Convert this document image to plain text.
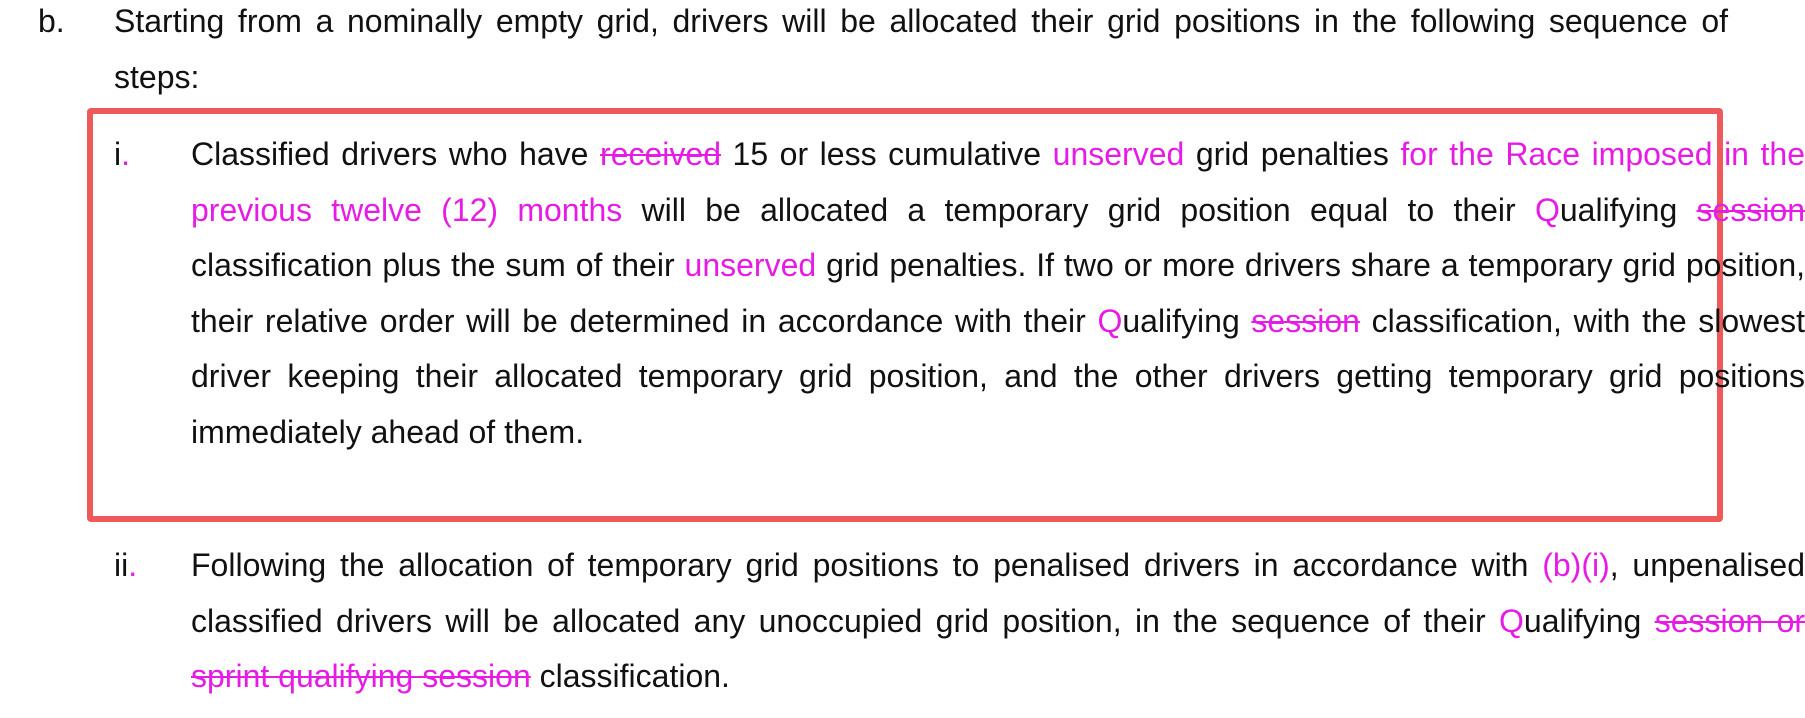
b. Starting from a nominally empty grid, drivers will be allocated their grid positions in the following sequence of steps:
i. Classified drivers who have received 15 or less cumulative unserved grid penalties for the Race imposed in the previous twelve (12) months will be allocated a temporary grid position equal to their Qualifying session classification plus the sum of their unserved grid penalties. If two or more drivers share a temporary grid position, their relative order will be determined in accordance with their Qualifying session classification, with the slowest driver keeping their allocated temporary grid position, and the other drivers getting temporary grid positions immediately ahead of them.
ii. Following the allocation of temporary grid positions to penalised drivers in accordance with (b)(i), unpenalised classified drivers will be allocated any unoccupied grid position, in the sequence of their Qualifying session or sprint qualifying session classification.
